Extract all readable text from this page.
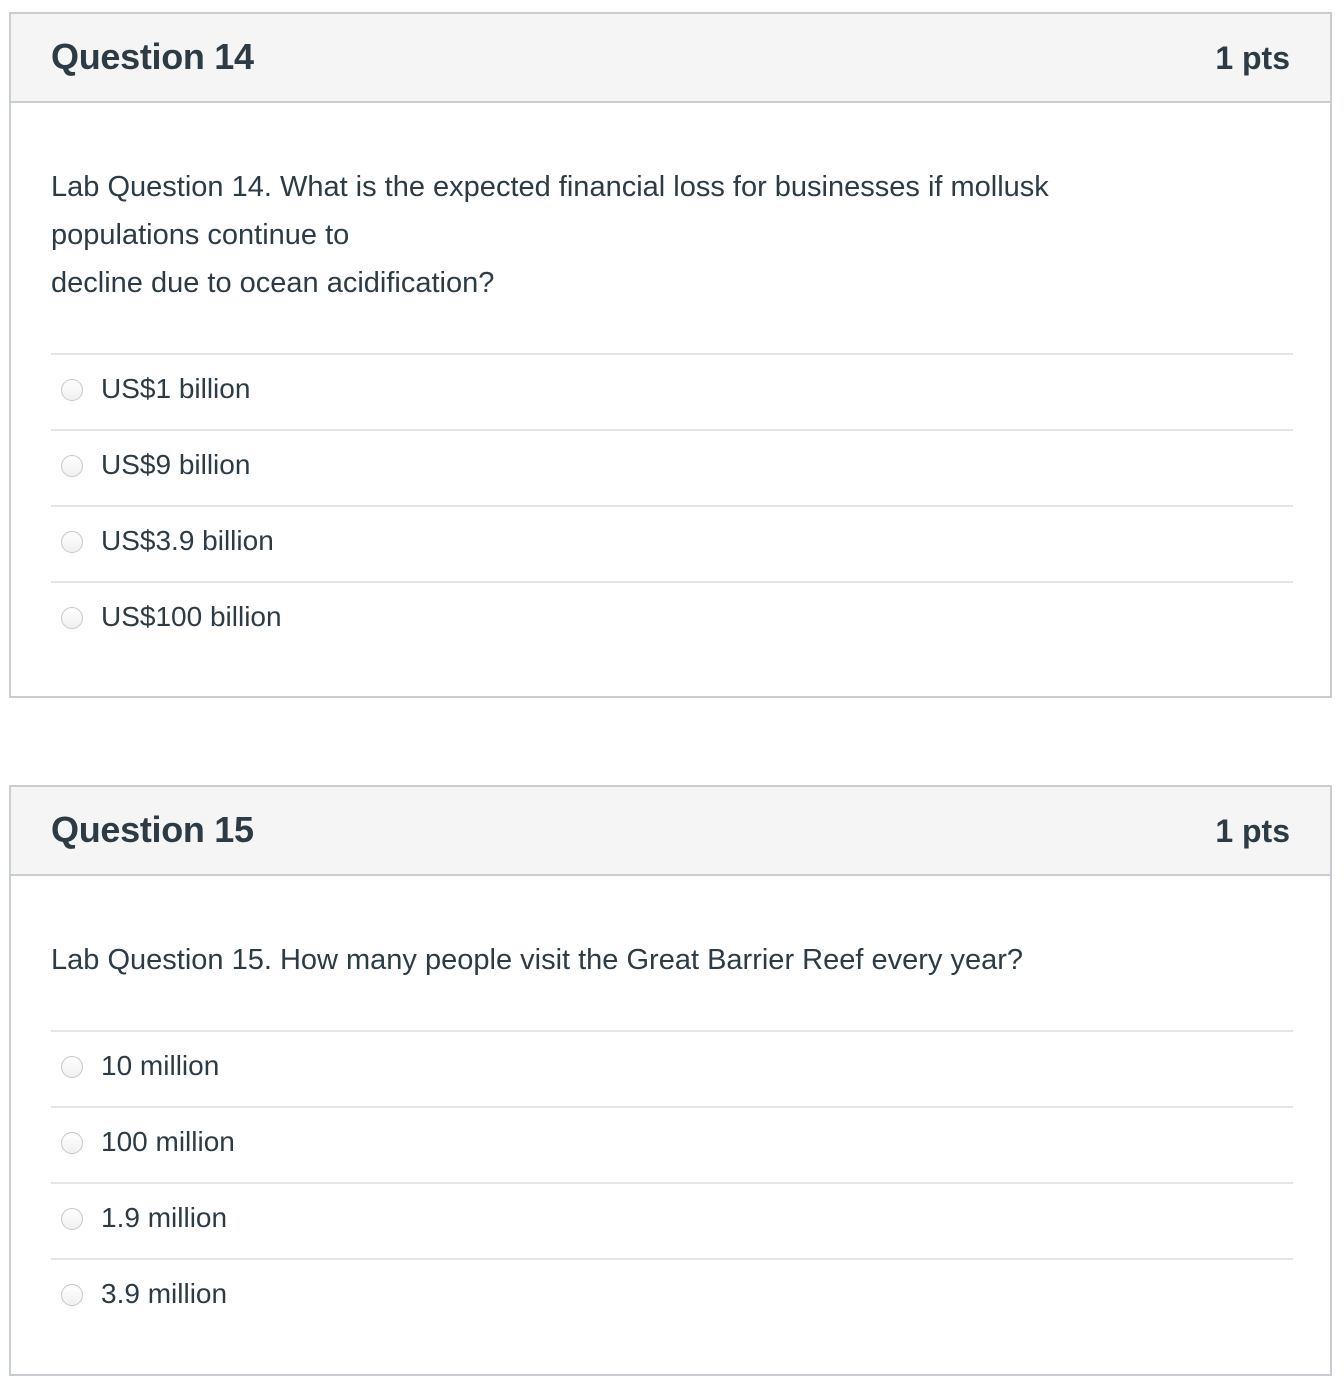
Question 14	1 pts
Lab Question 14. What is the expected financial loss for businesses if mollusk
populations continue to
decline due to ocean acidification?
US$1 billion
US$9 billion
US$3.9 billion
US$100 billion
Question 15	1 pts
Lab Question 15. How many people visit the Great Barrier Reef every year?
10 million
100 million
1.9 million
3.9 million
